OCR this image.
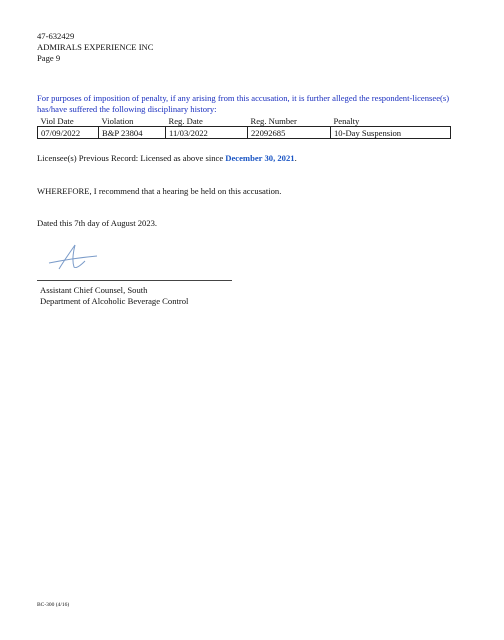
47-632429
ADMIRALS EXPERIENCE INC
Page 9
For purposes of imposition of penalty, if any arising from this accusation, it is further alleged the respondent-licensee(s) has/have suffered the following disciplinary history:
Viol Date	Violation	Reg. Date	Reg. Number	Penalty
07/09/2022	B&P 23804	11/03/2022	22092685	10-Day Suspension
Licensee(s) Previous Record: Licensed as above since December 30, 2021.
WHEREFORE, I recommend that a hearing be held on this accusation.
Dated this 7th day of August 2023.
Assistant Chief Counsel, South
Department of Alcoholic Beverage Control
BC-300 (4/16)
